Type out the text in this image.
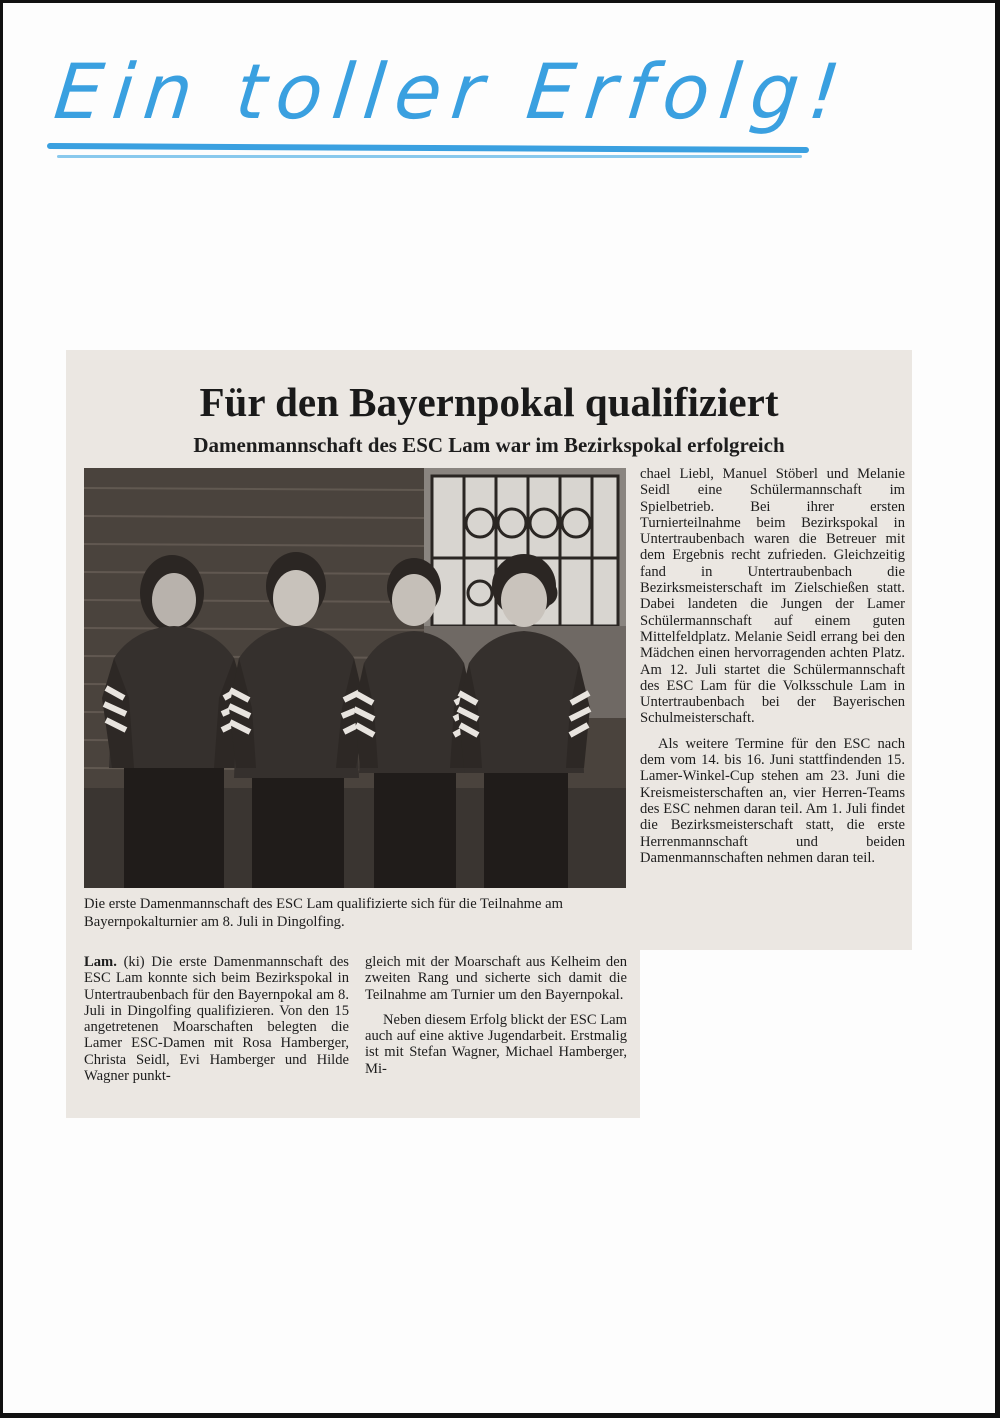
Ein toller Erfolg!
Für den Bayernpokal qualifiziert
Damenmannschaft des ESC Lam war im Bezirkspokal erfolgreich
Die erste Damenmannschaft des ESC Lam qualifizierte sich für die Teilnahme am Bayernpokalturnier am 8. Juli in Dingolfing.

Lam. (ki) Die erste Damenmannschaft des ESC Lam konnte sich beim Bezirkspokal in Untertraubenbach für den Bayernpokal am 8. Juli in Dingolfing qualifizieren. Von den 15 angetretenen Moarschaften belegten die Lamer ESC-Damen mit Rosa Hamberger, Christa Seidl, Evi Hamberger und Hilde Wagner punkt-

gleich mit der Moarschaft aus Kelheim den zweiten Rang und sicherte sich damit die Teilnahme am Turnier um den Bayernpokal.

Neben diesem Erfolg blickt der ESC Lam auch auf eine aktive Jugendarbeit. Erstmalig ist mit Stefan Wagner, Michael Hamberger, Mi-

chael Liebl, Manuel Stöberl und Melanie Seidl eine Schülermannschaft im Spielbetrieb. Bei ihrer ersten Turnierteilnahme beim Bezirkspokal in Untertraubenbach waren die Betreuer mit dem Ergebnis recht zufrieden. Gleichzeitig fand in Untertraubenbach die Bezirksmeisterschaft im Zielschießen statt. Dabei landeten die Jungen der Lamer Schülermannschaft auf einem guten Mittelfeldplatz. Melanie Seidl errang bei den Mädchen einen hervorragenden achten Platz. Am 12. Juli startet die Schülermannschaft des ESC Lam für die Volksschule Lam in Untertraubenbach bei der Bayerischen Schulmeisterschaft.

Als weitere Termine für den ESC nach dem vom 14. bis 16. Juni stattfindenden 15. Lamer-Winkel-Cup stehen am 23. Juni die Kreismeisterschaften an, vier Herren-Teams des ESC nehmen daran teil. Am 1. Juli findet die Bezirksmeisterschaft statt, die erste Herrenmannschaft und beiden Damenmannschaften nehmen daran teil.
